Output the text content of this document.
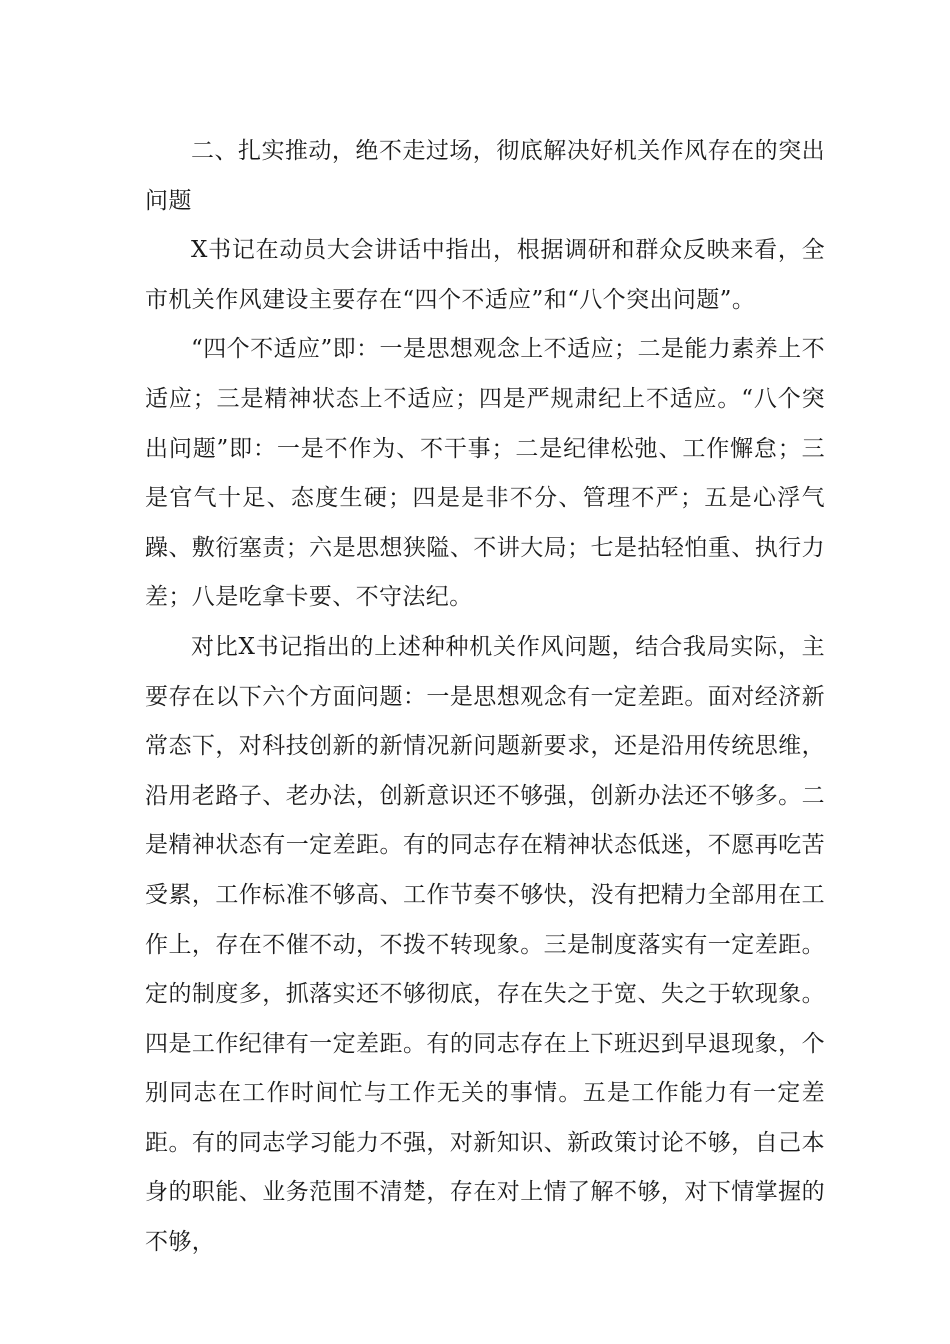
二、扎实推动，绝不走过场，彻底解决好机关作风存在的突出问题

X书记在动员大会讲话中指出，根据调研和群众反映来看，全市机关作风建设主要存在“四个不适应”和“八个突出问题”。

“四个不适应”即：一是思想观念上不适应；二是能力素养上不适应；三是精神状态上不适应；四是严规肃纪上不适应。“八个突出问题”即：一是不作为、不干事；二是纪律松弛、工作懈怠；三是官气十足、态度生硬；四是是非不分、管理不严；五是心浮气躁、敷衍塞责；六是思想狭隘、不讲大局；七是拈轻怕重、执行力差；八是吃拿卡要、不守法纪。

对比X书记指出的上述种种机关作风问题，结合我局实际，主要存在以下六个方面问题：一是思想观念有一定差距。面对经济新常态下，对科技创新的新情况新问题新要求，还是沿用传统思维，沿用老路子、老办法，创新意识还不够强，创新办法还不够多。二是精神状态有一定差距。有的同志存在精神状态低迷，不愿再吃苦受累，工作标准不够高、工作节奏不够快，没有把精力全部用在工作上，存在不催不动，不拨不转现象。三是制度落实有一定差距。定的制度多，抓落实还不够彻底，存在失之于宽、失之于软现象。四是工作纪律有一定差距。有的同志存在上下班迟到早退现象，个别同志在工作时间忙与工作无关的事情。五是工作能力有一定差距。有的同志学习能力不强，对新知识、新政策讨论不够，自己本身的职能、业务范围不清楚，存在对上情了解不够，对下情掌握的不够，
